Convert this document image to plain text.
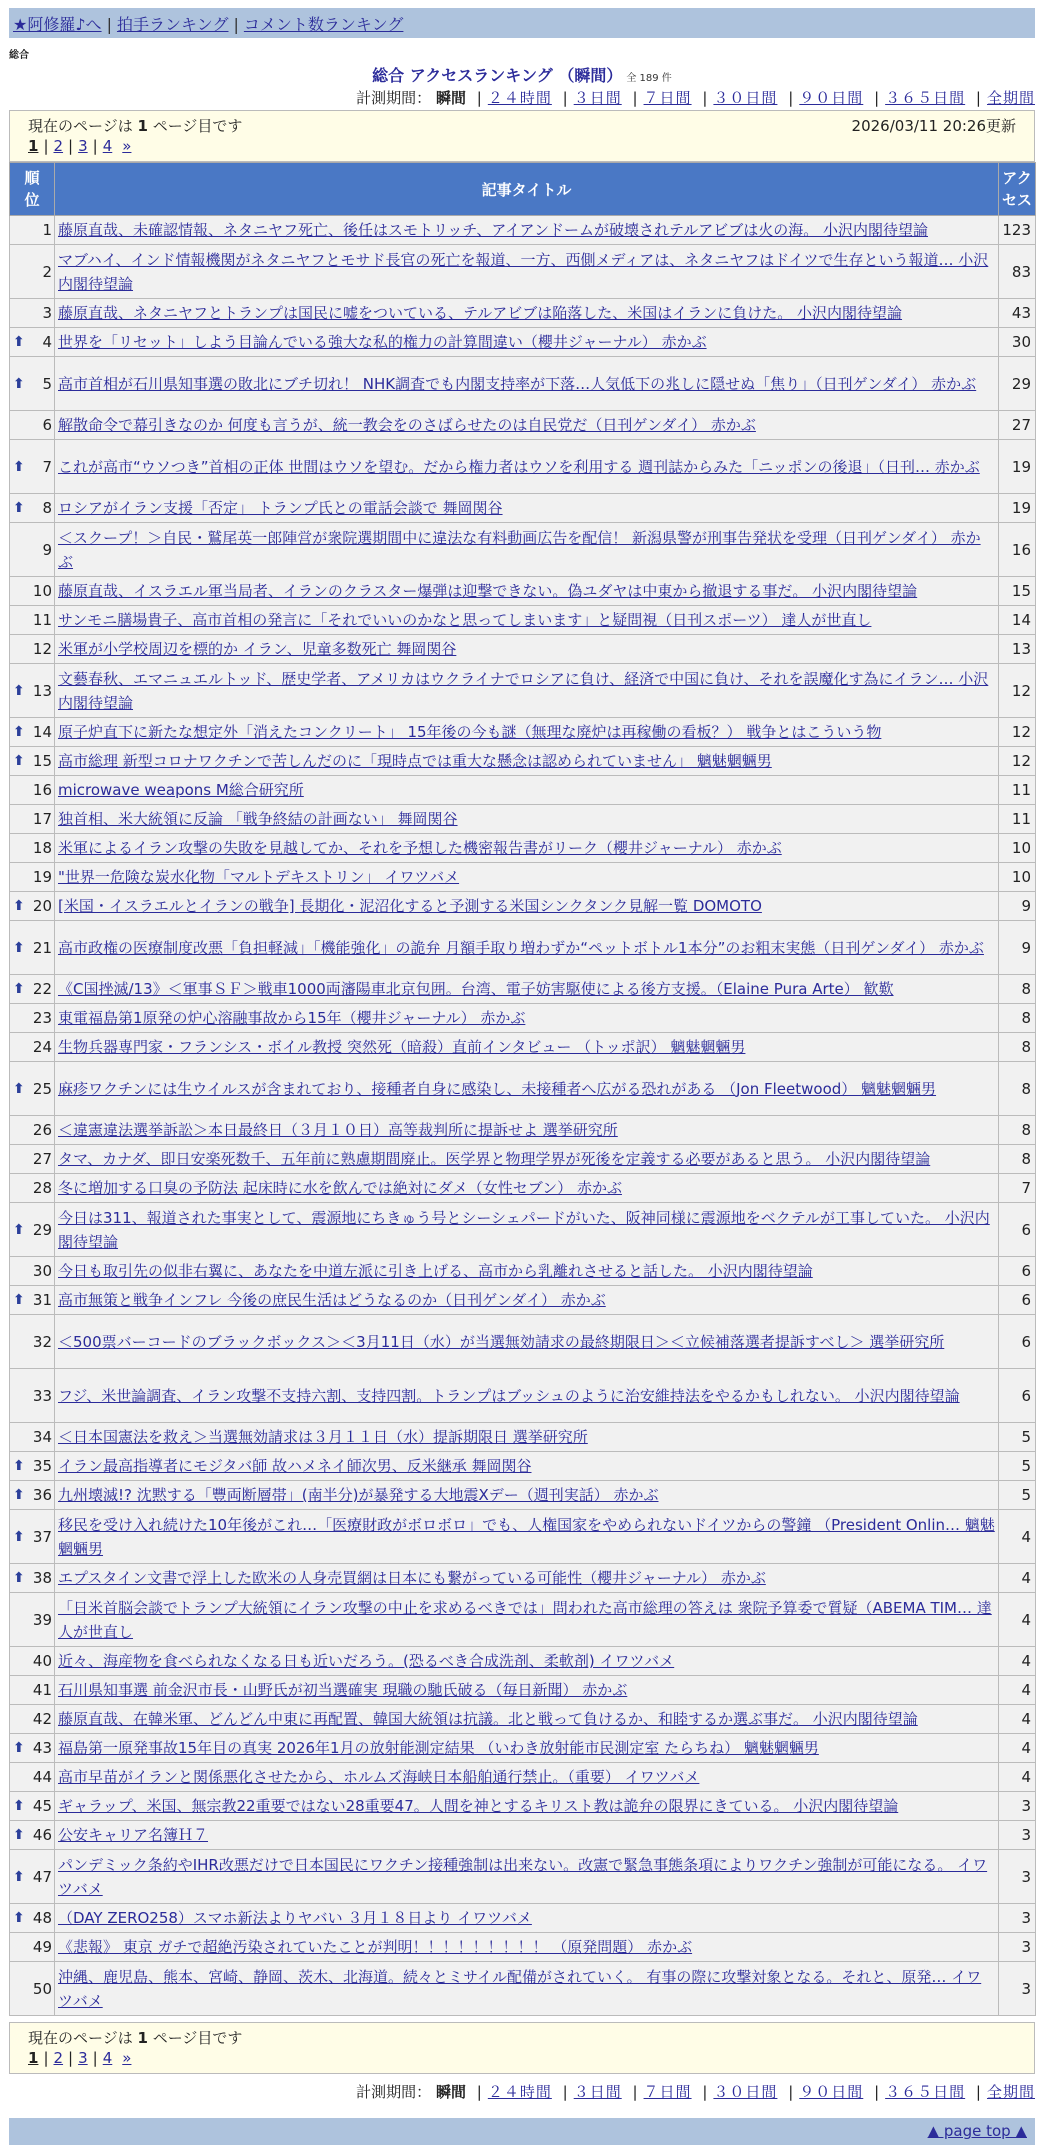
★阿修羅♪へ | 拍手ランキング | コメント数ランキング
総合
総合 アクセスランキング （瞬間） 全 189 件
計測期間： 瞬間 | ２４時間 | ３日間 | ７日間 | ３０日間 | ９０日間 | ３６５日間 | 全期間
現在のページは 1 ページ目です	2026/03/11 20:26更新
1 | 2 | 3 | 4 »
順位	記事タイトル	アクセス
1	藤原直哉、未確認情報、ネタニヤフ死亡、後任はスモトリッチ、アイアンドームが破壊されテルアビブは火の海。 小沢内閣待望論	123
2	マブハイ、インド情報機関がネタニヤフとモサド長官の死亡を報道、一方、西側メディアは、ネタニヤフはドイツで生存という報道… 小沢内閣待望論	83
3	藤原直哉、ネタニヤフとトランプは国民に嘘をついている、テルアビブは陥落した、米国はイランに負けた。 小沢内閣待望論	43

⬆ 4	世界を「リセット」しよう目論んでいる強大な私的権力の計算間違い（櫻井ジャーナル） 赤かぶ	30

⬆ 5	高市首相が石川県知事選の敗北にブチ切れ！ NHK調査でも内閣支持率が下落…人気低下の兆しに隠せぬ「焦り」（日刊ゲンダイ） 赤かぶ	29
6	解散命令で幕引きなのか 何度も言うが、統一教会をのさばらせたのは自民党だ（日刊ゲンダイ） 赤かぶ	27

⬆ 7	これが高市“ウソつき”首相の正体 世間はウソを望む。だから権力者はウソを利用する 週刊誌からみた「ニッポンの後退」（日刊… 赤かぶ	19

⬆ 8	ロシアがイラン支援「否定」 トランプ氏との電話会談で 舞岡関谷	19
9	＜スクープ！＞自民・鷲尾英一郎陣営が衆院選期間中に違法な有料動画広告を配信！ 新潟県警が刑事告発状を受理（日刊ゲンダイ） 赤かぶ	16
10	藤原直哉、イスラエル軍当局者、イランのクラスター爆弾は迎撃できない。偽ユダヤは中東から撤退する事だ。 小沢内閣待望論	15
11	サンモニ膳場貴子、高市首相の発言に「それでいいのかなと思ってしまいます」と疑問視（日刊スポーツ） 達人が世直し	14
12	米軍が小学校周辺を標的か イラン、児童多数死亡 舞岡関谷	13

⬆ 13	文藝春秋、エマニュエルトッド、歴史学者、アメリカはウクライナでロシアに負け、経済で中国に負け、それを誤魔化す為にイラン… 小沢内閣待望論	12

⬆ 14	原子炉直下に新たな想定外「消えたコンクリート」 15年後の今も謎（無理な廃炉は再稼働の看板？） 戦争とはこういう物	12

⬆ 15	高市総理 新型コロナワクチンで苦しんだのに「現時点では重大な懸念は認められていません」 魑魅魍魎男	12
16	microwave weapons M総合研究所	11
17	独首相、米大統領に反論 「戦争終結の計画ない」 舞岡関谷	11
18	米軍によるイラン攻撃の失敗を見越してか、それを予想した機密報告書がリーク（櫻井ジャーナル） 赤かぶ	10
19	"世界一危険な炭水化物「マルトデキストリン」 イワツバメ	10

⬆ 20	[米国・イスラエルとイランの戦争] 長期化・泥沼化すると予測する米国シンクタンク見解一覧 DOMOTO	9

⬆ 21	高市政権の医療制度改悪「負担軽減」「機能強化」の詭弁 月額手取り増わずか“ペットボトル1本分”のお粗末実態（日刊ゲンダイ） 赤かぶ	9

⬆ 22	《C国挫滅/13》＜軍事ＳＦ＞戦車1000両瀋陽車北京包囲。台湾、電子妨害駆使による後方支援。（Elaine Pura Arte） 歓歎	8
23	東電福島第1原発の炉心溶融事故から15年（櫻井ジャーナル） 赤かぶ	8
24	生物兵器専門家・フランシス・ボイル教授 突然死（暗殺）直前インタビュー （トッポ訳） 魑魅魍魎男	8

⬆ 25	麻疹ワクチンには生ウイルスが含まれており、接種者自身に感染し、未接種者へ広がる恐れがある （Jon Fleetwood） 魑魅魍魎男	8
26	＜違憲違法選挙訴訟＞本日最終日（３月１０日）高等裁判所に提訴せよ 選挙研究所	8
27	タマ、カナダ、即日安楽死数千、五年前に熟慮期間廃止。医学界と物理学界が死後を定義する必要があると思う。 小沢内閣待望論	8
28	冬に増加する口臭の予防法 起床時に水を飲んでは絶対にダメ（女性セブン） 赤かぶ	7

⬆ 29	今日は311、報道された事実として、震源地にちきゅう号とシーシェパードがいた、阪神同様に震源地をベクテルが工事していた。 小沢内閣待望論	6
30	今日も取引先の似非右翼に、あなたを中道左派に引き上げる、高市から乳離れさせると話した。 小沢内閣待望論	6

⬆ 31	高市無策と戦争インフレ 今後の庶民生活はどうなるのか（日刊ゲンダイ） 赤かぶ	6
32	＜500票バーコードのブラックボックス＞＜3月11日（水）が当選無効請求の最終期限日＞＜立候補落選者提訴すべし＞ 選挙研究所	6
33	フジ、米世論調査、イラン攻撃不支持六割、支持四割。トランプはブッシュのように治安維持法をやるかもしれない。 小沢内閣待望論	6
34	＜日本国憲法を救え＞当選無効請求は３月１１日（水）提訴期限日 選挙研究所	5

⬆ 35	イラン最高指導者にモジタバ師 故ハメネイ師次男、反米継承 舞岡関谷	5

⬆ 36	九州壊滅!? 沈黙する「豐両断層帯」(南半分)が暴発する大地震Xデー（週刊実話） 赤かぶ	5

⬆ 37	移民を受け入れ続けた10年後がこれ…「医療財政がボロボロ」でも、人権国家をやめられないドイツからの警鐘 （President Onlin… 魑魅魍魎男	4

⬆ 38	エプスタイン文書で浮上した欧米の人身売買網は日本にも繋がっている可能性（櫻井ジャーナル） 赤かぶ	4
39	「日米首脳会談でトランプ大統領にイラン攻撃の中止を求めるべきでは」問われた高市総理の答えは 衆院予算委で質疑（ABEMA TIM… 達人が世直し	4
40	近々、海産物を食べられなくなる日も近いだろう。(恐るべき合成洗剤、柔軟剤) イワツバメ	4
41	石川県知事選 前金沢市長・山野氏が初当選確実 現職の馳氏破る（毎日新聞） 赤かぶ	4
42	藤原直哉、在韓米軍、どんどん中東に再配置、韓国大統領は抗議。北と戦って負けるか、和睦するか選ぶ事だ。 小沢内閣待望論	4

⬆ 43	福島第一原発事故15年目の真実 2026年1月の放射能測定結果 （いわき放射能市民測定室 たらちね） 魑魅魍魎男	4
44	高市早苗がイランと関係悪化させたから、ホルムズ海峡日本船舶通行禁止。（重要） イワツバメ	4

⬆ 45	ギャラップ、米国、無宗教22重要ではない28重要47。人間を神とするキリスト教は詭弁の限界にきている。 小沢内閣待望論	3

⬆ 46	公安キャリア名簿Ｈ７	3

⬆ 47	パンデミック条約やIHR改悪だけで日本国民にワクチン接種強制は出来ない。改憲で緊急事態条項によりワクチン強制が可能になる。 イワツバメ	3

⬆ 48	（DAY ZERO258）スマホ新法よりヤバい ３月１８日より イワツバメ	3
49	《悲報》 東京 ガチで超絶汚染されていたことが判明！！！！！！！！！ （原発問題） 赤かぶ	3
50	沖縄、鹿児島、熊本、宮崎、静岡、茨木、北海道。続々とミサイル配備がされていく。 有事の際に攻撃対象となる。それと、原発… イワツバメ	3
現在のページは 1 ページ目です
1 | 2 | 3 | 4 »
計測期間： 瞬間 | ２４時間 | ３日間 | ７日間 | ３０日間 | ９０日間 | ３６５日間 | 全期間
▲ page top ▲
